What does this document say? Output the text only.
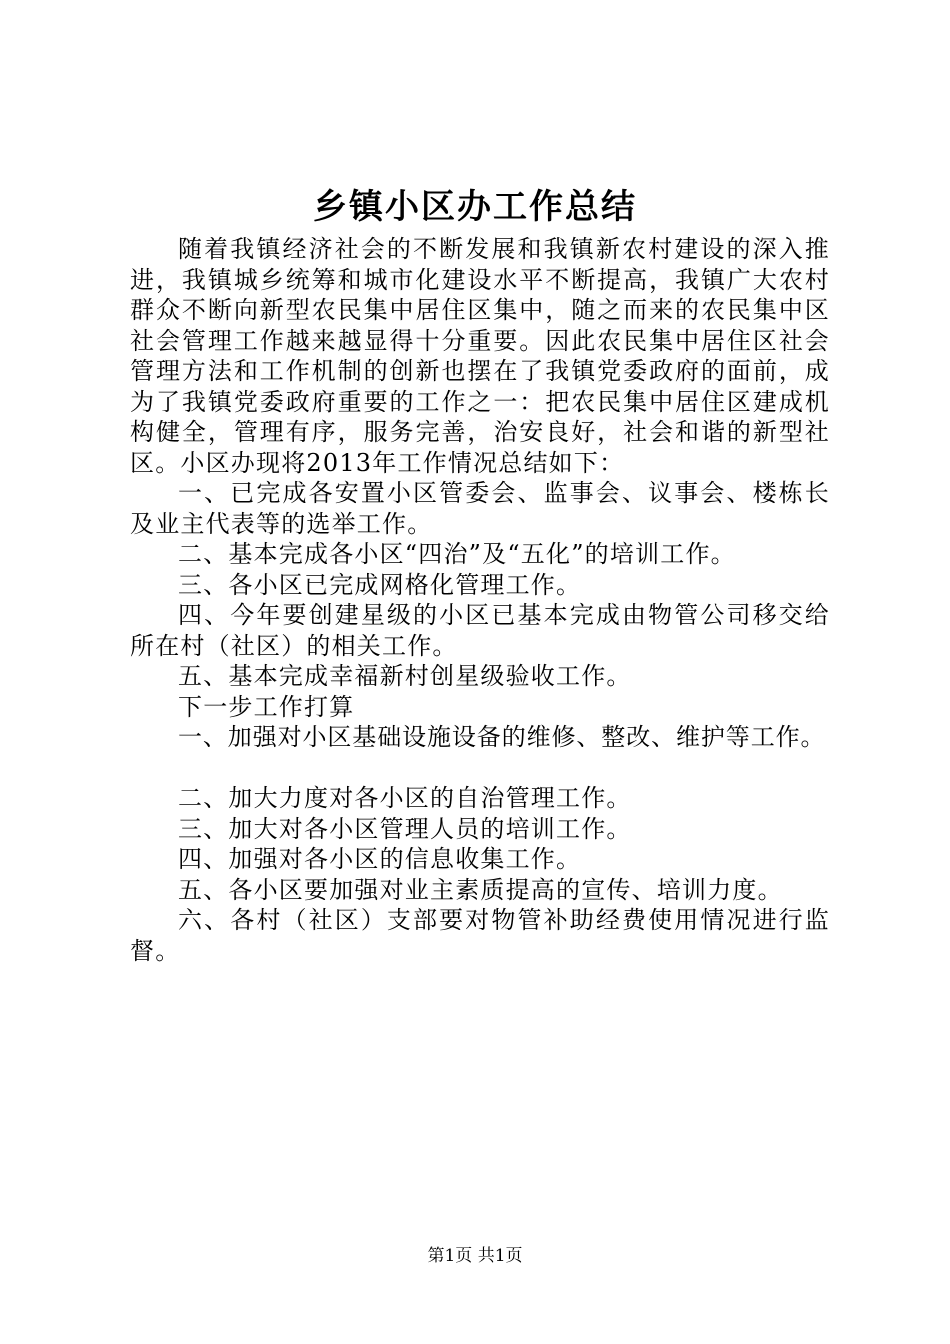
乡镇小区办工作总结

随着我镇经济社会的不断发展和我镇新农村建设的深入推进，我镇城乡统筹和城市化建设水平不断提高，我镇广大农村群众不断向新型农民集中居住区集中，随之而来的农民集中区社会管理工作越来越显得十分重要。因此农民集中居住区社会管理方法和工作机制的创新也摆在了我镇党委政府的面前，成为了我镇党委政府重要的工作之一：把农民集中居住区建成机构健全，管理有序，服务完善，治安良好，社会和谐的新型社区。小区办现将2013年工作情况总结如下：

一、已完成各安置小区管委会、监事会、议事会、楼栋长及业主代表等的选举工作。

二、基本完成各小区“四治”及“五化”的培训工作。

三、各小区已完成网格化管理工作。

四、今年要创建星级的小区已基本完成由物管公司移交给所在村（社区）的相关工作。

五、基本完成幸福新村创星级验收工作。

下一步工作打算

一、加强对小区基础设施设备的维修、整改、维护等工作。

二、加大力度对各小区的自治管理工作。

三、加大对各小区管理人员的培训工作。

四、加强对各小区的信息收集工作。

五、各小区要加强对业主素质提高的宣传、培训力度。

六、各村（社区）支部要对物管补助经费使用情况进行监督。

第1页 共1页
